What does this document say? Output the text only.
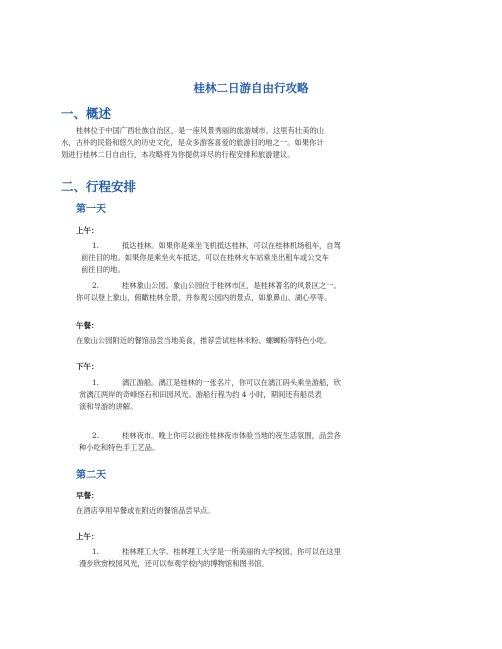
桂林二日游自由行攻略
一、概述

桂林位于中国广西壮族自治区，是一座风景秀丽的旅游城市。这里有壮美的山

水，古朴的民俗和悠久的历史文化，是众多游客喜爱的旅游目的地之一。如果你计
划进行桂林二日自由行，本攻略将为你提供详尽的行程安排和旅游建议。

二、行程安排
第一天
上午：

1.	抵达桂林。如果你是乘坐飞机抵达桂林，可以在桂林机场租车，自驾

前往目的地。如果你是乘坐火车抵达，可以在桂林火车站乘坐出租车或公交车
前往目的地。

2.	桂林象山公园。象山公园位于桂林市区，是桂林著名的风景区之一。

你可以登上象山，俯瞰桂林全景，并参观公园内的景点，如象鼻山、湖心亭等。

午餐：

在象山公园附近的餐馆品尝当地美食，推荐尝试桂林米粉、螺蛳粉等特色小吃。

下午：

1.	漓江游船。漓江是桂林的一张名片，你可以在漓江码头乘坐游船，欣

赏漓江两岸的奇峰怪石和田园风光。游船行程为约 4 小时，期间还有船员表
演和导游的讲解。

2.	桂林夜市。晚上你可以前往桂林夜市体验当地的夜生活氛围，品尝各

种小吃和特色手工艺品。

第二天
早餐：

在酒店享用早餐或在附近的餐馆品尝早点。

上午：

1.	桂林理工大学。桂林理工大学是一所美丽的大学校园，你可以在这里

漫步欣赏校园风光，还可以参观学校内的博物馆和图书馆。
